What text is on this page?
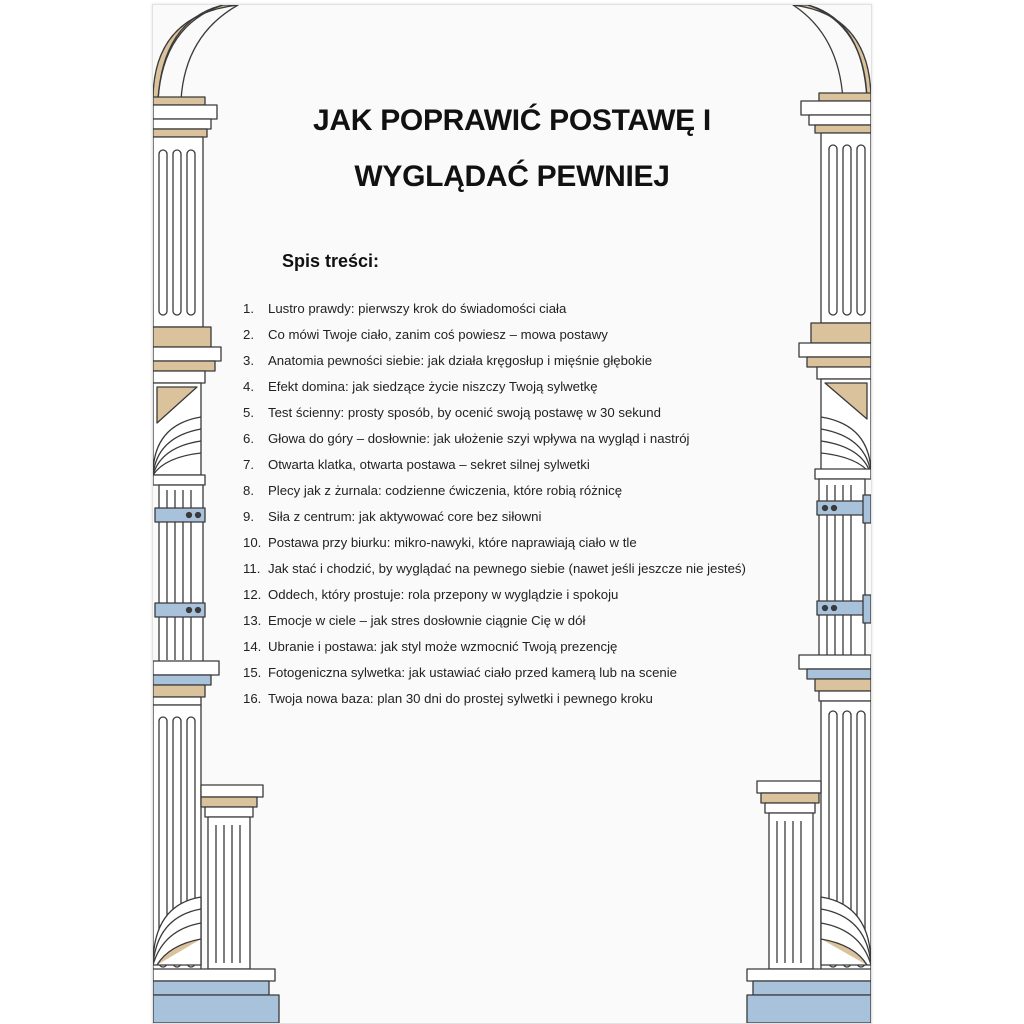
JAK POPRAWIĆ POSTAWĘ I
WYGLĄDAĆ PEWNIEJ
Spis treści:
1.	Lustro prawdy: pierwszy krok do świadomości ciała
2.	Co mówi Twoje ciało, zanim coś powiesz – mowa postawy
3.	Anatomia pewności siebie: jak działa kręgosłup i mięśnie głębokie
4.	Efekt domina: jak siedzące życie niszczy Twoją sylwetkę
5.	Test ścienny: prosty sposób, by ocenić swoją postawę w 30 sekund
6.	Głowa do góry – dosłownie: jak ułożenie szyi wpływa na wygląd i nastrój
7.	Otwarta klatka, otwarta postawa – sekret silnej sylwetki
8.	Plecy jak z żurnala: codzienne ćwiczenia, które robią różnicę
9.	Siła z centrum: jak aktywować core bez siłowni
10. Postawa przy biurku: mikro-nawyki, które naprawiają ciało w tle
11. Jak stać i chodzić, by wyglądać na pewnego siebie (nawet jeśli jeszcze nie jesteś)
12. Oddech, który prostuje: rola przepony w wyglądzie i spokoju
13. Emocje w ciele – jak stres dosłownie ciągnie Cię w dół
14. Ubranie i postawa: jak styl może wzmocnić Twoją prezencję
15. Fotogeniczna sylwetka: jak ustawiać ciało przed kamerą lub na scenie
16. Twoja nowa baza: plan 30 dni do prostej sylwetki i pewnego kroku
